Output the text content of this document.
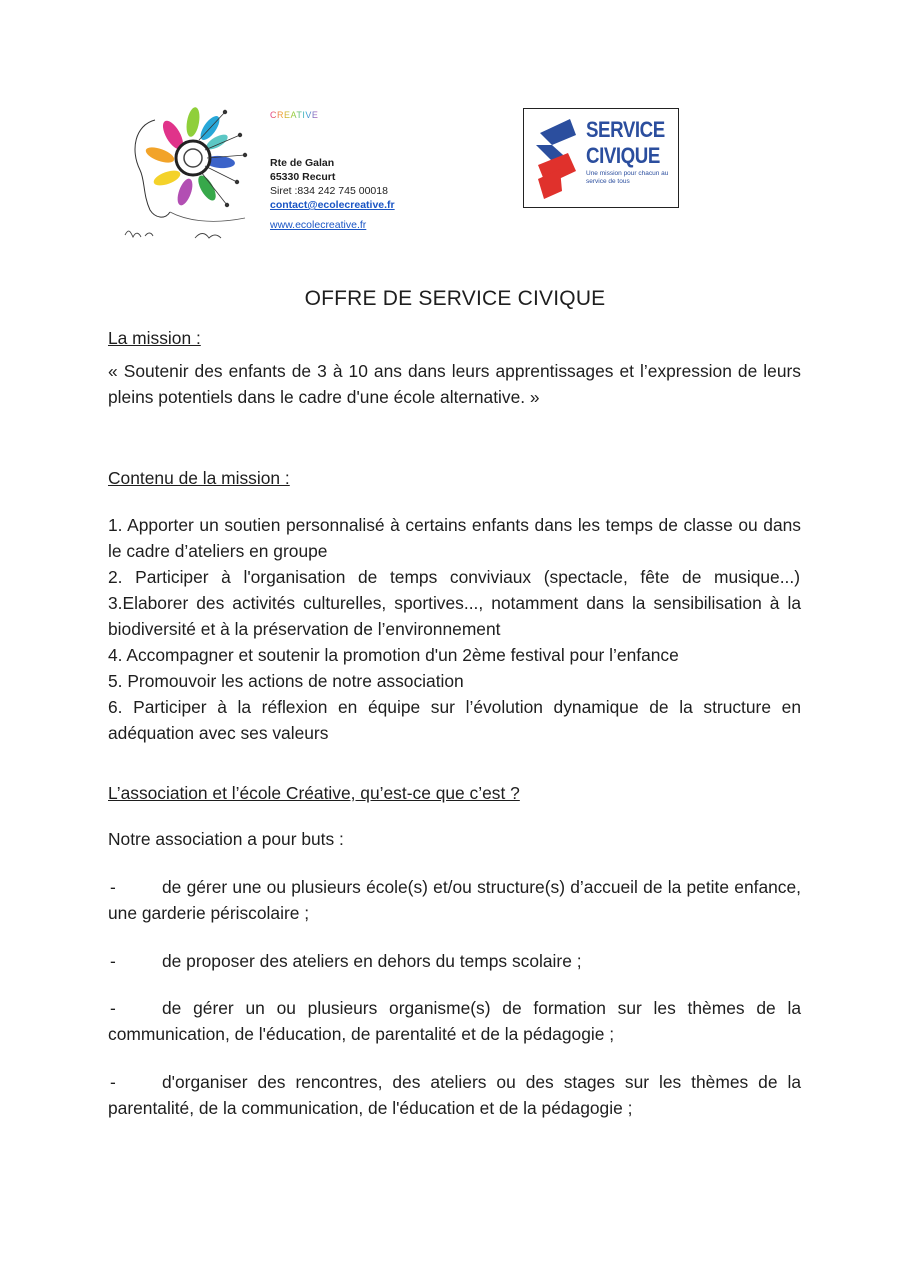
CREATIVE
Rte de Galan
65330 Recurt
Siret :834 242 745 00018
contact@ecolecreative.fr
www.ecolecreative.fr
SERVICE
CIVIQUE
Une mission pour chacun au service de tous
OFFRE DE SERVICE CIVIQUE
La mission :
« Soutenir des enfants de 3 à 10 ans dans leurs apprentissages et l’expression de leurs pleins potentiels dans le cadre d'une école alternative. »
Contenu de la mission :
1. Apporter un soutien personnalisé à certains enfants dans les temps de classe ou dans le cadre d’ateliers en groupe
2. Participer à l'organisation de temps conviviaux (spectacle, fête de musique...)
3.Elaborer des activités culturelles, sportives..., notamment dans la sensibilisation à la biodiversité et à la préservation de l’environnement
4. Accompagner et soutenir la promotion d'un 2ème festival pour l’enfance
5. Promouvoir les actions de notre association
6. Participer à la réflexion en équipe sur l’évolution dynamique de la structure en adéquation avec ses valeurs
L’association et l’école Créative, qu’est-ce que c’est ?
Notre association a pour buts :
-	de gérer une ou plusieurs école(s) et/ou structure(s) d’accueil de la petite enfance, une garderie périscolaire ;
-	de proposer des ateliers en dehors du temps scolaire ;
-	de gérer un ou plusieurs organisme(s) de formation sur les thèmes de la communication, de l'éducation, de parentalité et de la pédagogie ;
-	d'organiser des rencontres, des ateliers ou des stages sur les thèmes de la parentalité, de la communication, de l'éducation et de la pédagogie ;
